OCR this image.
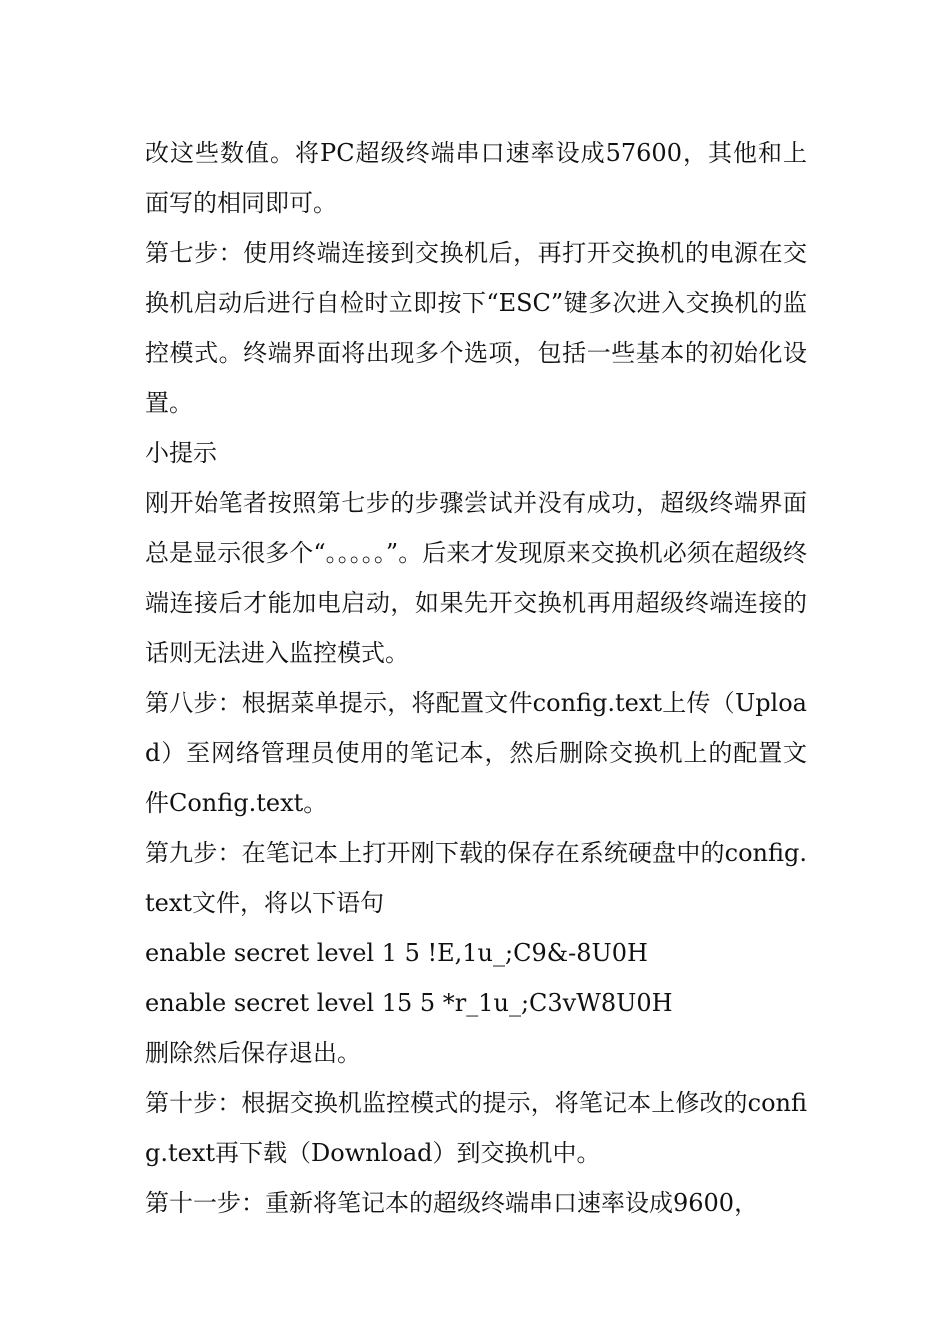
改这些数值。将PC超级终端串口速率设成57600，其他和上面写的相同即可。

第七步：使用终端连接到交换机后，再打开交换机的电源在交换机启动后进行自检时立即按下“ESC”键多次进入交换机的监控模式。终端界面将出现多个选项，包括一些基本的初始化设置。

小提示

刚开始笔者按照第七步的步骤尝试并没有成功，超级终端界面总是显示很多个“。。。。。”。后来才发现原来交换机必须在超级终端连接后才能加电启动，如果先开交换机再用超级终端连接的话则无法进入监控模式。

第八步：根据菜单提示，将配置文件config.text上传（Upload）至网络管理员使用的笔记本，然后删除交换机上的配置文件Config.text。

第九步：在笔记本上打开刚下载的保存在系统硬盘中的config.text文件，将以下语句

enable secret level 1 5 !E,1u_;C9&-8U0H

enable secret level 15 5 *r_1u_;C3vW8U0H

删除然后保存退出。

第十步：根据交换机监控模式的提示，将笔记本上修改的config.text再下载（Download）到交换机中。

第十一步：重新将笔记本的超级终端串口速率设成9600，
